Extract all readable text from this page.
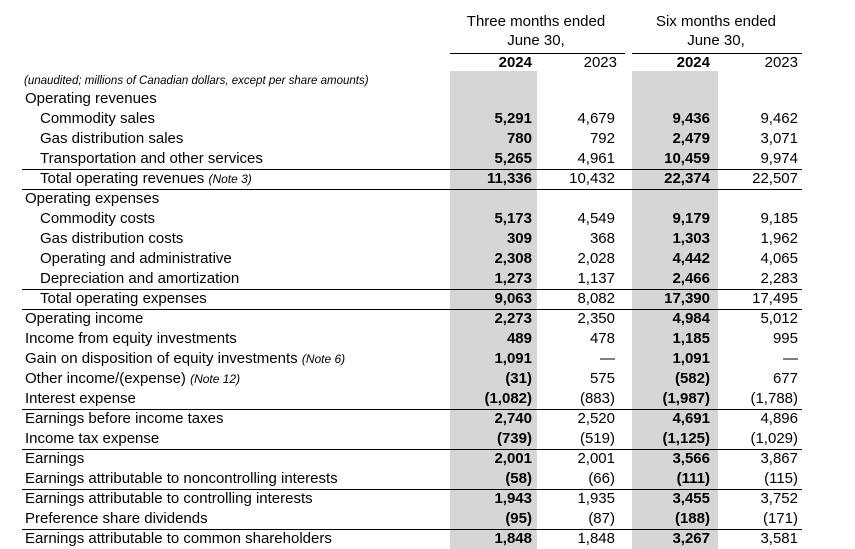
Three months ended
June 30,
Six months ended
June 30,
2024	2023	2024	2023
(unaudited; millions of Canadian dollars, except per share amounts)
Operating revenues
Commodity sales	5,291	4,679	9,436	9,462
Gas distribution sales	780	792	2,479	3,071
Transportation and other services	5,265	4,961	10,459	9,974
Total operating revenues (Note 3)	11,336	10,432	22,374	22,507
Operating expenses
Commodity costs	5,173	4,549	9,179	9,185
Gas distribution costs	309	368	1,303	1,962
Operating and administrative	2,308	2,028	4,442	4,065
Depreciation and amortization	1,273	1,137	2,466	2,283
Total operating expenses	9,063	8,082	17,390	17,495
Operating income	2,273	2,350	4,984	5,012
Income from equity investments	489	478	1,185	995
Gain on disposition of equity investments (Note 6)	1,091	—	1,091	—
Other income/(expense) (Note 12)	(31)	575	(582)	677
Interest expense	(1,082)	(883)	(1,987)	(1,788)
Earnings before income taxes	2,740	2,520	4,691	4,896
Income tax expense	(739)	(519)	(1,125)	(1,029)
Earnings	2,001	2,001	3,566	3,867
Earnings attributable to noncontrolling interests	(58)	(66)	(111)	(115)
Earnings attributable to controlling interests	1,943	1,935	3,455	3,752
Preference share dividends	(95)	(87)	(188)	(171)
Earnings attributable to common shareholders	1,848	1,848	3,267	3,581
